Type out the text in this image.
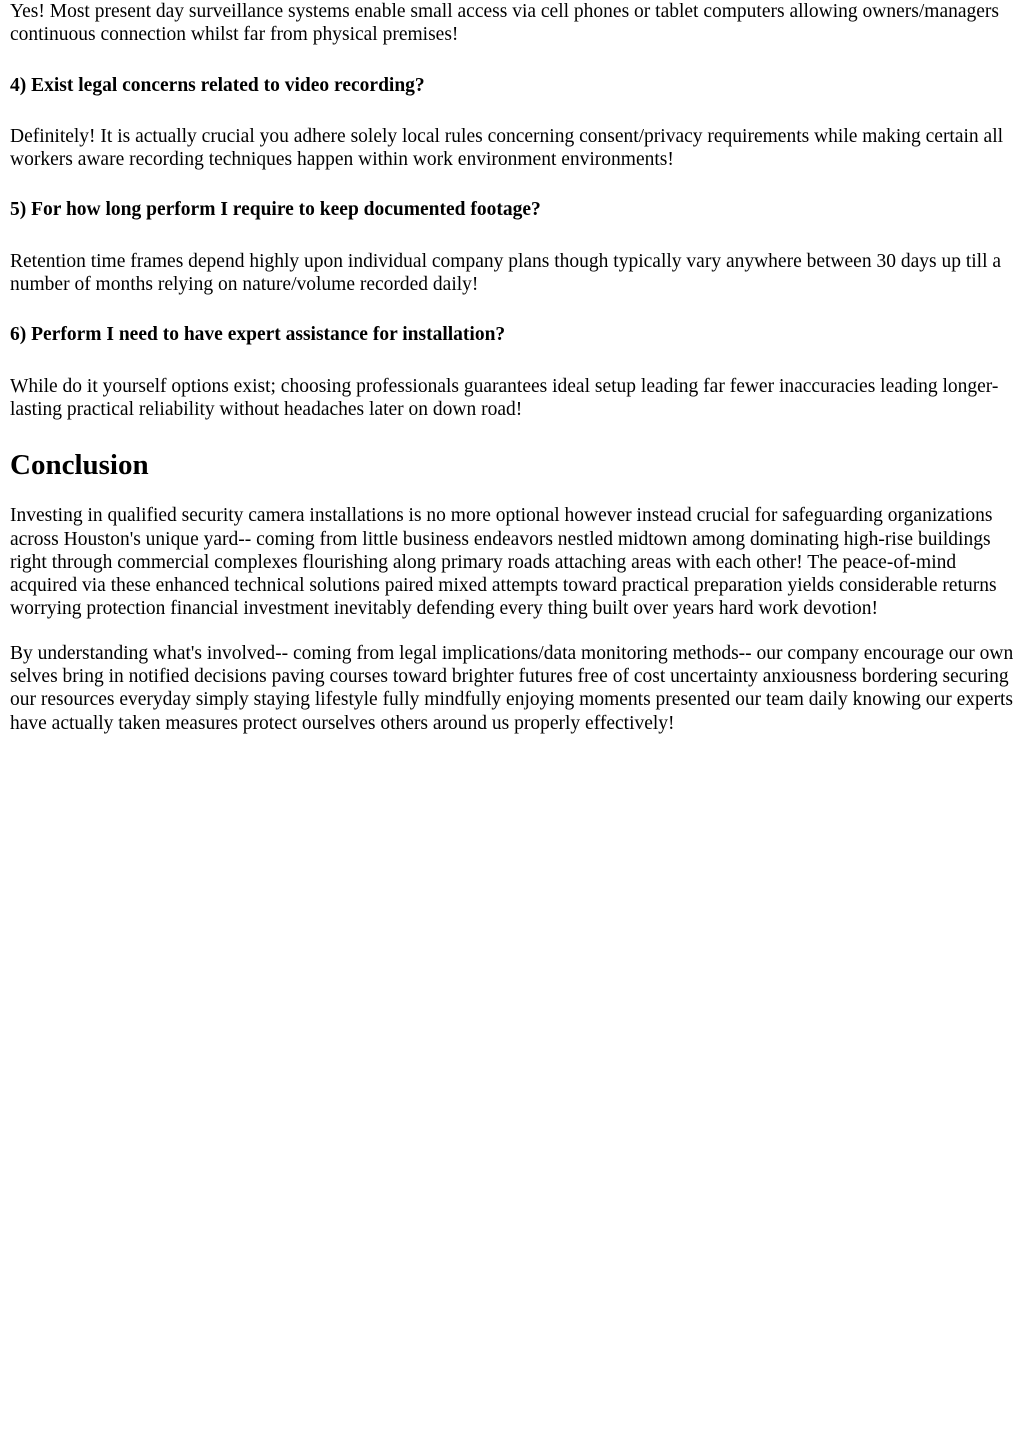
Yes! Most present day surveillance systems enable small access via cell phones or tablet computers allowing owners/managers continuous connection whilst far from physical premises!

4) Exist legal concerns related to video recording?

Definitely! It is actually crucial you adhere solely local rules concerning consent/privacy requirements while making certain all workers aware recording techniques happen within work environment environments!

5) For how long perform I require to keep documented footage?

Retention time frames depend highly upon individual company plans though typically vary anywhere between 30 days up till a number of months relying on nature/volume recorded daily!

6) Perform I need to have expert assistance for installation?

While do it yourself options exist; choosing professionals guarantees ideal setup leading far fewer inaccuracies leading longer-lasting practical reliability without headaches later on down road!

Conclusion

Investing in qualified security camera installations is no more optional however instead crucial for safeguarding organizations across Houston's unique yard-- coming from little business endeavors nestled midtown among dominating high-rise buildings right through commercial complexes flourishing along primary roads attaching areas with each other! The peace-of-mind acquired via these enhanced technical solutions paired mixed attempts toward practical preparation yields considerable returns worrying protection financial investment inevitably defending every thing built over years hard work devotion!

By understanding what's involved-- coming from legal implications/data monitoring methods-- our company encourage our own selves bring in notified decisions paving courses toward brighter futures free of cost uncertainty anxiousness bordering securing our resources everyday simply staying lifestyle fully mindfully enjoying moments presented our team daily knowing our experts have actually taken measures protect ourselves others around us properly effectively!
